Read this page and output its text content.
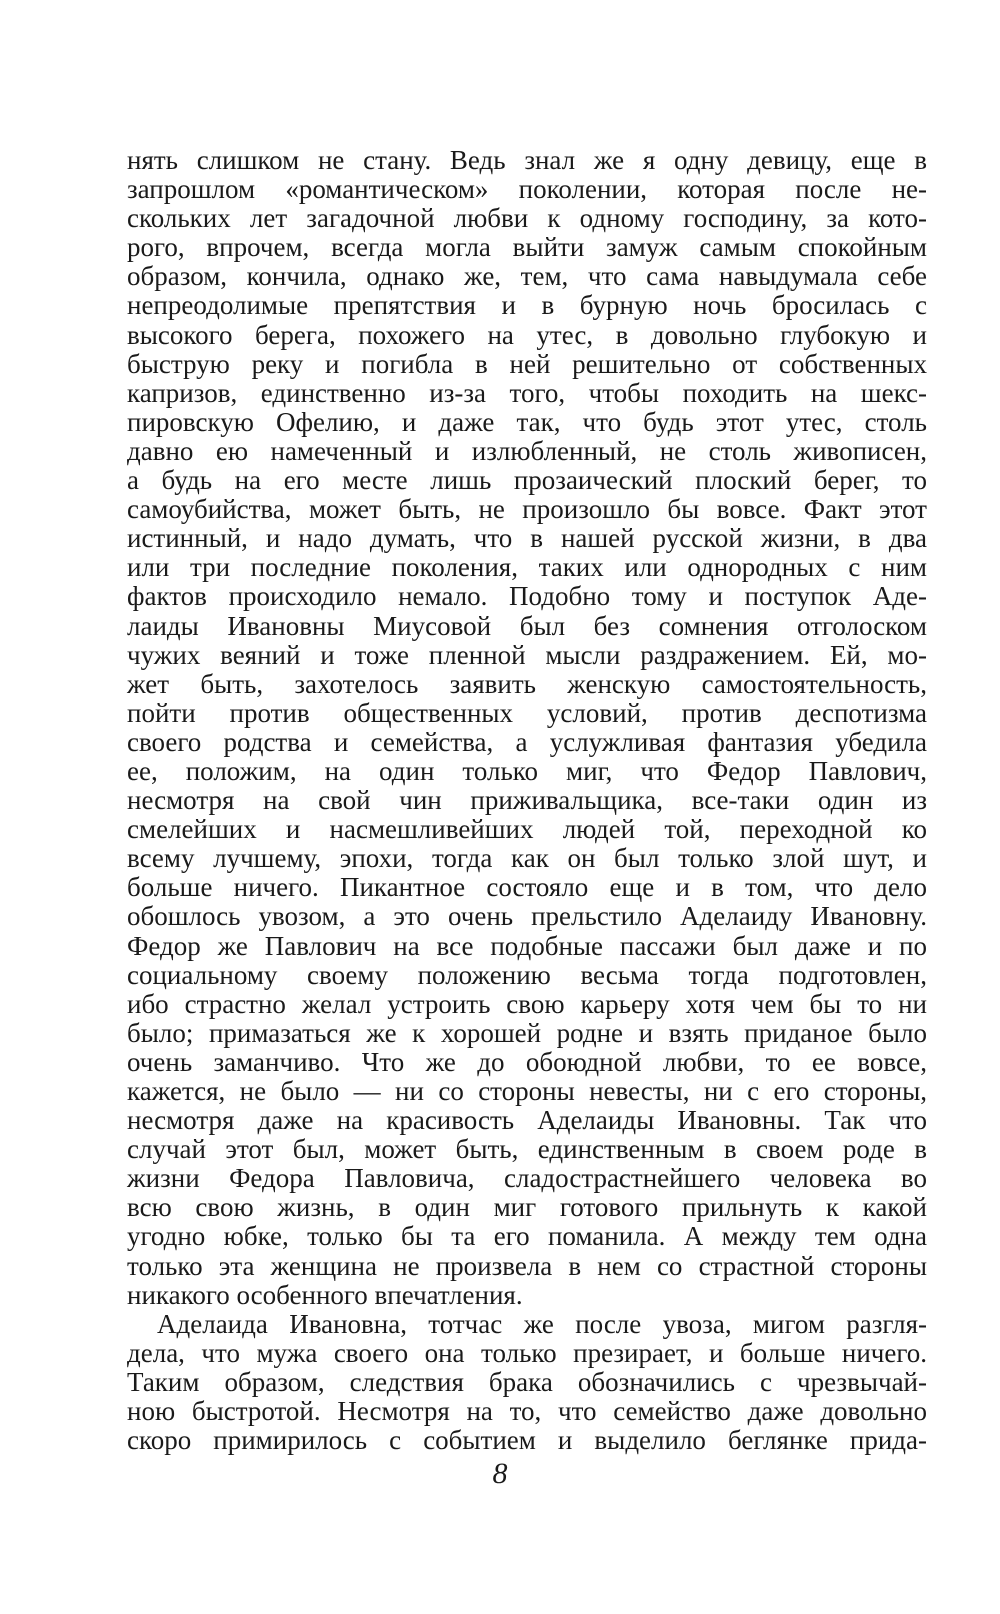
нять слишком не стану. Ведь знал же я одну девицу, еще в
запрошлом «романтическом» поколении, которая после не-
скольких лет загадочной любви к одному господину, за кото-
рого, впрочем, всегда могла выйти замуж самым спокойным
образом, кончила, однако же, тем, что сама навыдумала себе
непреодолимые препятствия и в бурную ночь бросилась с
высокого берега, похожего на утес, в довольно глубокую и
быструю реку и погибла в ней решительно от собственных
капризов, единственно из-за того, чтобы походить на шекс-
пировскую Офелию, и даже так, что будь этот утес, столь
давно ею намеченный и излюбленный, не столь живописен,
а будь на его месте лишь прозаический плоский берег, то
самоубийства, может быть, не произошло бы вовсе. Факт этот
истинный, и надо думать, что в нашей русской жизни, в два
или три последние поколения, таких или однородных с ним
фактов происходило немало. Подобно тому и поступок Аде-
лаиды Ивановны Миусовой был без сомнения отголоском
чужих веяний и тоже пленной мысли раздражением. Ей, мо-
жет быть, захотелось заявить женскую самостоятельность,
пойти против общественных условий, против деспотизма
своего родства и семейства, а услужливая фантазия убедила
ее, положим, на один только миг, что Федор Павлович,
несмотря на свой чин приживальщика, все-таки один из
смелейших и насмешливейших людей той, переходной ко
всему лучшему, эпохи, тогда как он был только злой шут, и
больше ничего. Пикантное состояло еще и в том, что дело
обошлось увозом, а это очень прельстило Аделаиду Ивановну.
Федор же Павлович на все подобные пассажи был даже и по
социальному своему положению весьма тогда подготовлен,
ибо страстно желал устроить свою карьеру хотя чем бы то ни
было; примазаться же к хорошей родне и взять приданое было
очень заманчиво. Что же до обоюдной любви, то ее вовсе,
кажется, не было — ни со стороны невесты, ни с его стороны,
несмотря даже на красивость Аделаиды Ивановны. Так что
случай этот был, может быть, единственным в своем роде в
жизни Федора Павловича, сладострастнейшего человека во
всю свою жизнь, в один миг готового прильнуть к какой
угодно юбке, только бы та его поманила. А между тем одна
только эта женщина не произвела в нем со страстной стороны
никакого особенного впечатления.
Аделаида Ивановна, тотчас же после увоза, мигом разгля-
дела, что мужа своего она только презирает, и больше ничего.
Таким образом, следствия брака обозначились с чрезвычай-
ною быстротой. Несмотря на то, что семейство даже довольно
скоро примирилось с событием и выделило беглянке прида-
8
